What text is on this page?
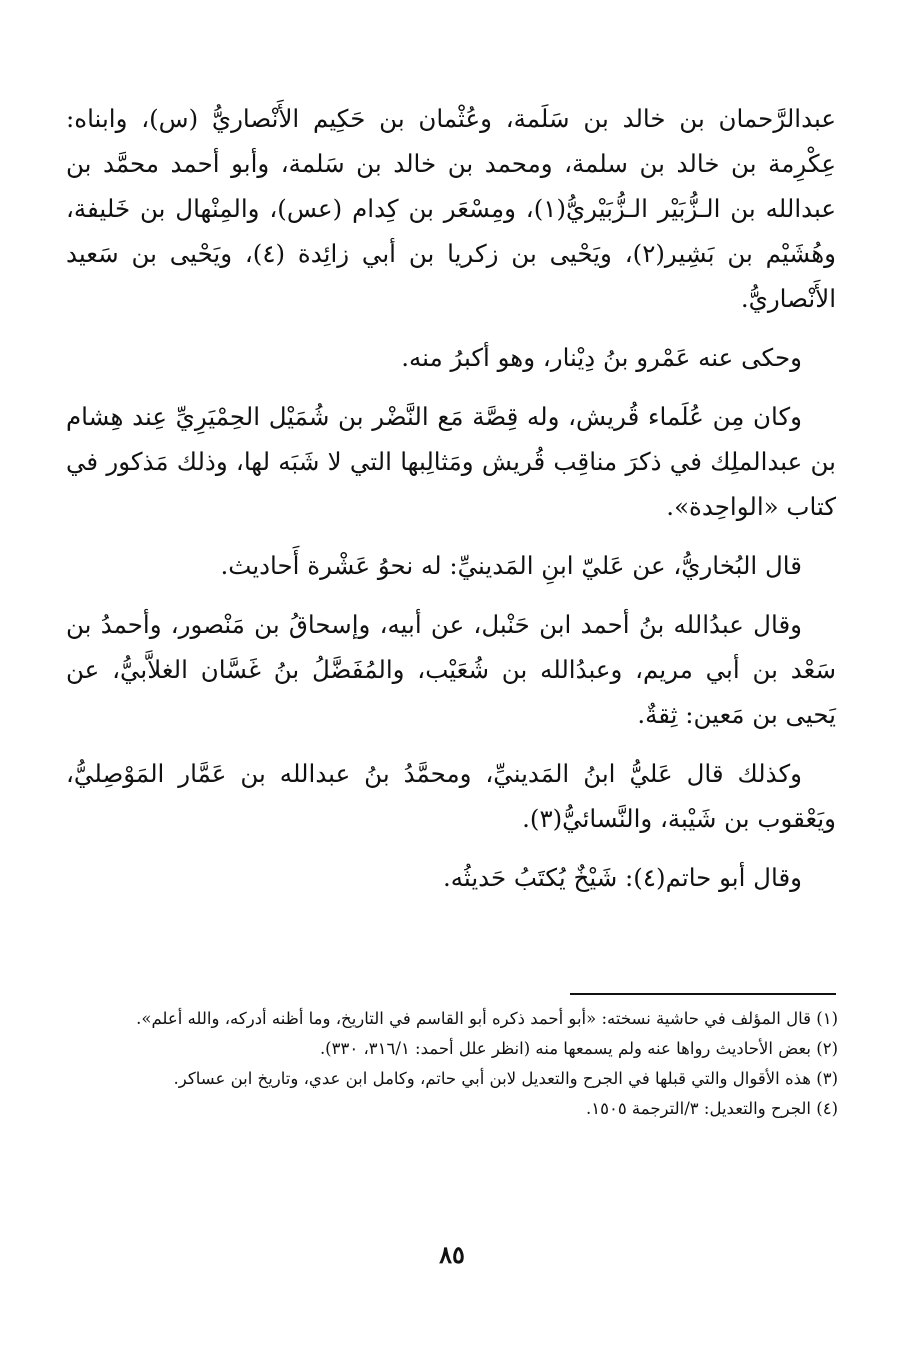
عبدالرَّحمان بن خالد بن سَلَمة، وعُثْمان بن حَكِيم الأَنْصاريُّ (س)، وابناه: عِكْرِمة بن خالد بن سلمة، ومحمد بن خالد بن سَلمة، وأبو أحمد محمَّد بن عبدالله بن الـزُّبَيْر الـزُّبَيْريُّ(١)، ومِسْعَر بن كِدام (عس)، والمِنْهال بن خَليفة، وهُشَيْم بن بَشِير(٢)، ويَحْيى بن زكريا بن أبي زائِدة (٤)، ويَحْيى بن سَعيد الأَنْصاريُّ.

وحكى عنه عَمْرو بنُ دِيْنار، وهو أكبرُ منه.

وكان مِن عُلَماء قُريش، وله قِصَّة مَع النَّضْر بن شُمَيْل الحِمْيَرِيِّ عِند هِشام بن عبدالملِك في ذكرَ مناقِب قُريش ومَثالِبها التي لا شَبَه لها، وذلك مَذكور في كتاب «الواحِدة».

قال البُخاريُّ، عن عَليّ ابنِ المَدينيِّ: له نحوُ عَشْرة أَحاديث.

وقال عبدُالله بنُ أحمد ابن حَنْبل، عن أبيه، وإسحاقُ بن مَنْصور، وأحمدُ بن سَعْد بن أبي مريم، وعبدُالله بن شُعَيْب، والمُفَضَّلُ بنُ غَسَّان الغلاَّبيُّ، عن يَحيى بن مَعين: ثِقةٌ.

وكذلك قال عَليُّ ابنُ المَدينيِّ، ومحمَّدُ بنُ عبدالله بن عَمَّار المَوْصِليُّ، ويَعْقوب بن شَيْبة، والنَّسائيُّ(٣).

وقال أبو حاتم(٤): شَيْخٌ يُكتَبُ حَديثُه.

(١) قال المؤلف في حاشية نسخته: «أبو أحمد ذكره أبو القاسم في التاريخ، وما أظنه أدركه، والله أعلم».

(٢) بعض الأحاديث رواها عنه ولم يسمعها منه (انظر علل أحمد: ٣١٦/١، ٣٣٠).

(٣) هذه الأقوال والتي قبلها في الجرح والتعديل لابن أبي حاتم، وكامل ابن عدي، وتاريخ ابن عساكر.

(٤) الجرح والتعديل: ٣/الترجمة ١٥٠٥.

٨٥
